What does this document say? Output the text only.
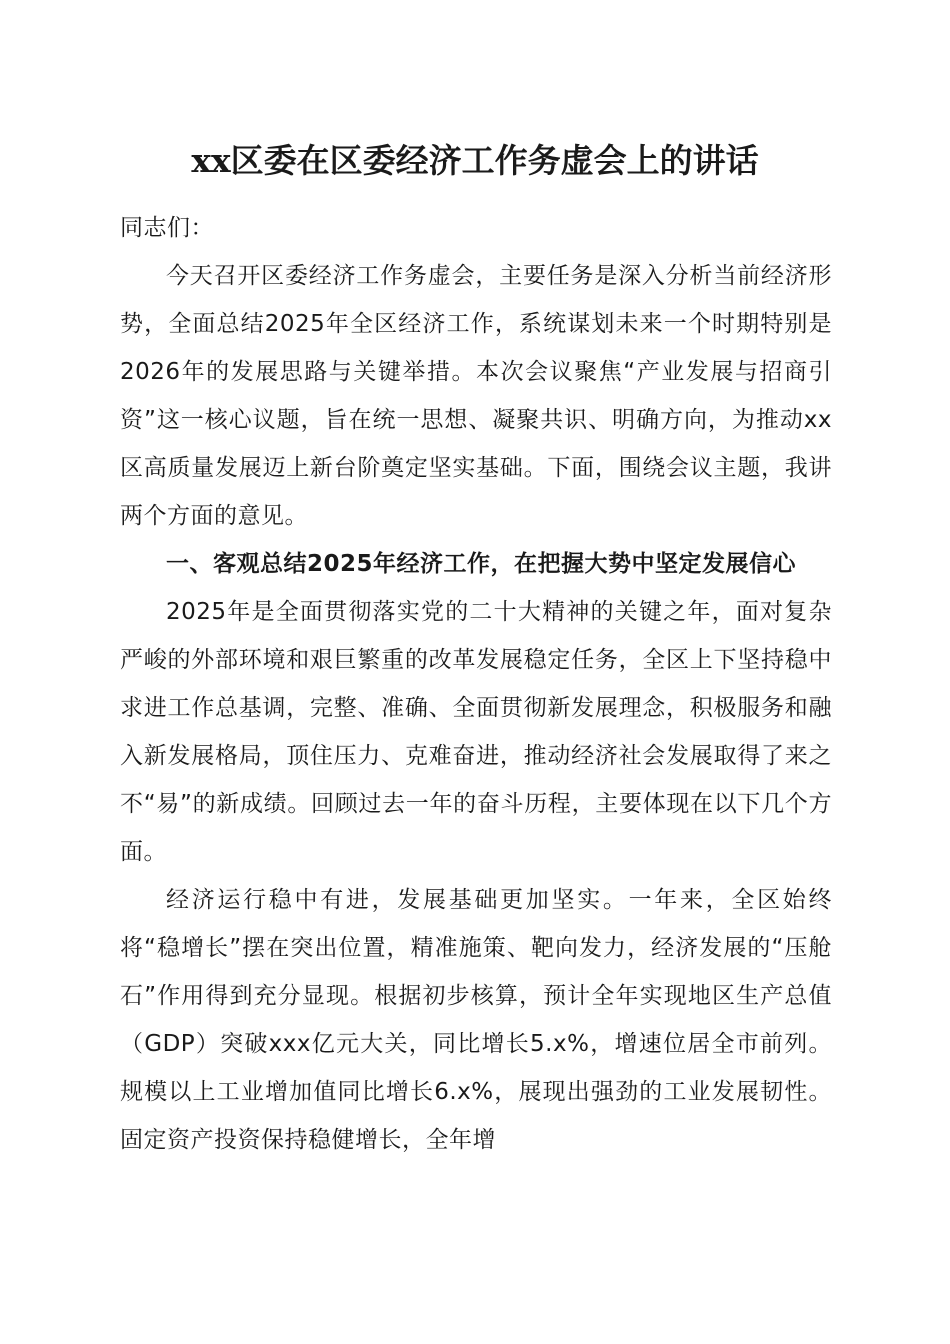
xx区委在区委经济工作务虚会上的讲话

同志们：

今天召开区委经济工作务虚会，主要任务是深入分析当前经济形势，全面总结2025年全区经济工作，系统谋划未来一个时期特别是2026年的发展思路与关键举措。本次会议聚焦“产业发展与招商引资”这一核心议题，旨在统一思想、凝聚共识、明确方向，为推动xx区高质量发展迈上新台阶奠定坚实基础。下面，围绕会议主题，我讲两个方面的意见。

一、客观总结2025年经济工作，在把握大势中坚定发展信心

2025年是全面贯彻落实党的二十大精神的关键之年，面对复杂严峻的外部环境和艰巨繁重的改革发展稳定任务，全区上下坚持稳中求进工作总基调，完整、准确、全面贯彻新发展理念，积极服务和融入新发展格局，顶住压力、克难奋进，推动经济社会发展取得了来之不“易”的新成绩。回顾过去一年的奋斗历程，主要体现在以下几个方面。

经济运行稳中有进，发展基础更加坚实。一年来，全区始终将“稳增长”摆在突出位置，精准施策、靶向发力，经济发展的“压舱石”作用得到充分显现。根据初步核算，预计全年实现地区生产总值（GDP）突破xxx亿元大关，同比增长5.x%，增速位居全市前列。规模以上工业增加值同比增长6.x%，展现出强劲的工业发展韧性。固定资产投资保持稳健增长，全年增
